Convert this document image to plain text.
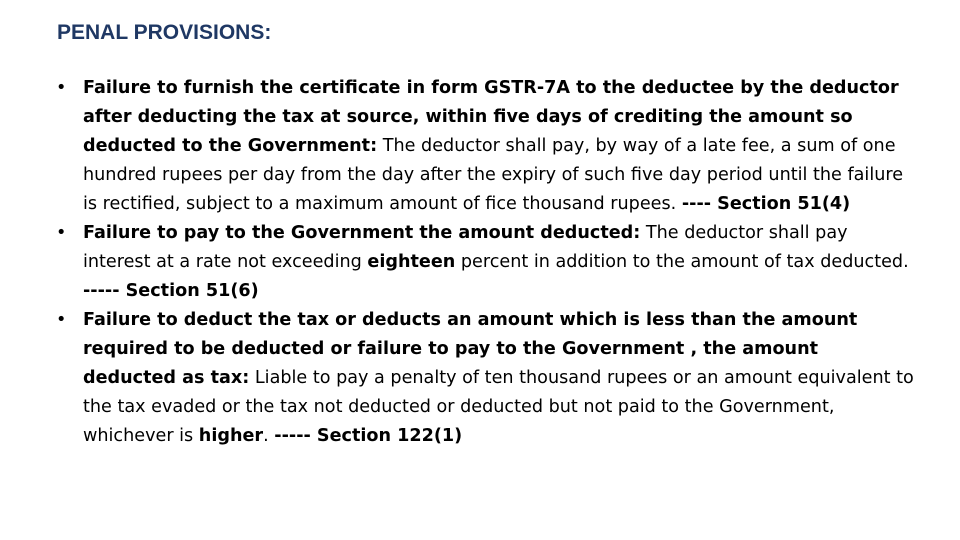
PENAL PROVISIONS:
• Failure to furnish the certificate in form GSTR-7A to the deductee by the deductor after deducting the tax at source, within five days of crediting the amount so deducted to the Government: The deductor shall pay, by way of a late fee, a sum of one hundred rupees per day from the day after the expiry of such five day period until the failure is rectified, subject to a maximum amount of fice thousand rupees. ---- Section 51(4)
• Failure to pay to the Government the amount deducted: The deductor shall pay interest at a rate not exceeding eighteen percent in addition to the amount of tax deducted. ----- Section 51(6)
• Failure to deduct the tax or deducts an amount which is less than the amount required to be deducted or failure to pay to the Government , the amount deducted as tax: Liable to pay a penalty of ten thousand rupees or an amount equivalent to the tax evaded or the tax not deducted or deducted but not paid to the Government, whichever is higher. ----- Section 122(1)
